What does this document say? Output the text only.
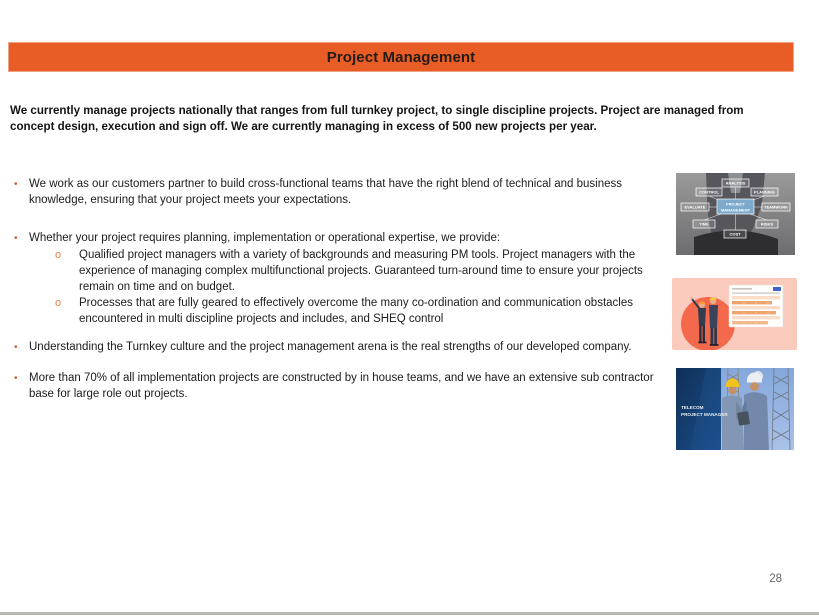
Project Management

We currently manage projects nationally that ranges from full turnkey project, to single discipline projects. Project are managed from concept design, execution and sign off. We are currently managing in excess of 500 new projects per year.

• We work as our customers partner to build cross-functional teams that have the right blend of technical and business knowledge, ensuring that your project meets your expectations.
• Whether your project requires planning, implementation or operational expertise, we provide:
o	Qualified project managers with a variety of backgrounds and measuring PM tools. Project managers with the experience of managing complex multifunctional projects. Guaranteed turn-around time to ensure your projects remain on time and on budget.
o	Processes that are fully geared to effectively overcome the many co-ordination and communication obstacles encountered in multi discipline projects and includes, and SHEQ control
• Understanding the Turnkey culture and the project management arena is the real strengths of our developed company.
• More than 70% of all implementation projects are constructed by in house teams, and we have an extensive sub contractor base for large role out projects.
ANALYSIS
CONTROL	PLANNING
EVALUATE	TEAMWORK
TIME	RISKS
COST
PROJECT
MANAGEMENT
TELECOM
PROJECT MANAGER
28
